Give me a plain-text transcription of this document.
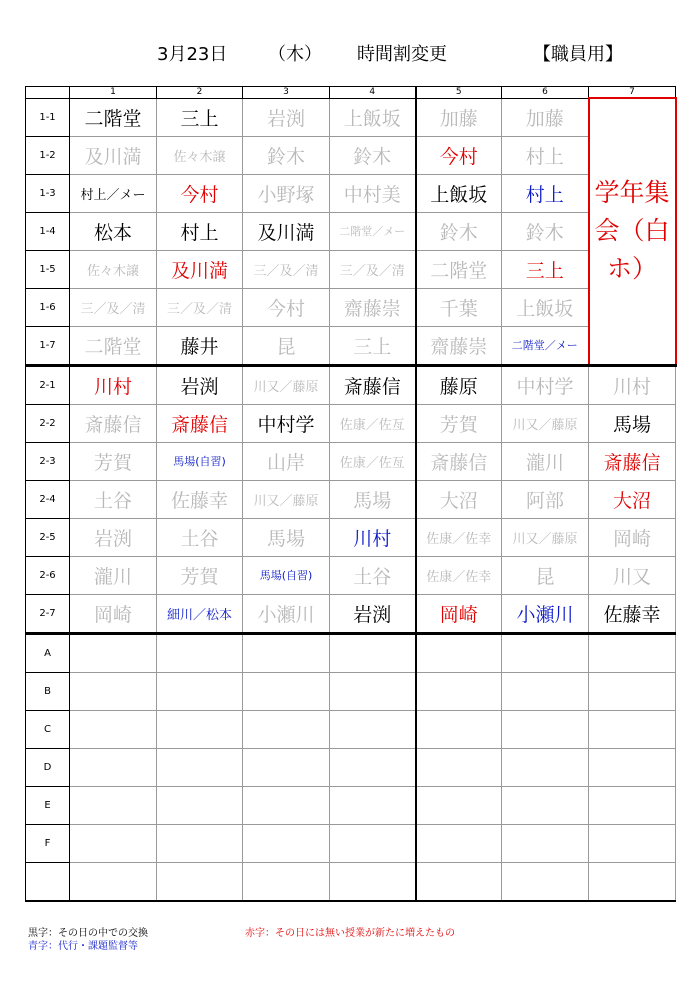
3月23日 （木） 時間割変更	【職員用】
	1	2	3	4	5	6	7
1-1	二階堂	三上	岩渕	上飯坂	加藤	加藤	学年集会（白ホ）
1-2	及川満	佐々木譲	鈴木	鈴木	今村	村上	
1-3	村上／メー	今村	小野塚	中村美	上飯坂	村上	
1-4	松本	村上	及川満	二階堂／メー	鈴木	鈴木	
1-5	佐々木譲	及川満	三／及／清	三／及／清	二階堂	三上	
1-6	三／及／清	三／及／清	今村	齋藤崇	千葉	上飯坂	
1-7	二階堂	藤井	昆	三上	齋藤崇	二階堂／メー	
2-1	川村	岩渕	川又／藤原	斎藤信	藤原	中村学	川村
2-2	斎藤信	斎藤信	中村学	佐康／佐亙	芳賀	川又／藤原	馬場
2-3	芳賀	馬場(自習)	山岸	佐康／佐亙	斎藤信	瀧川	斎藤信
2-4	土谷	佐藤幸	川又／藤原	馬場	大沼	阿部	大沼
2-5	岩渕	土谷	馬場	川村	佐康／佐幸	川又／藤原	岡崎
2-6	瀧川	芳賀	馬場(自習)	土谷	佐康／佐幸	昆	川又
2-7	岡崎	細川／松本	小瀬川	岩渕	岡崎	小瀬川	佐藤幸
A							
B							
C							
D							
E							
F							

黒字：その日の中での交換
青字：代行・課題監督等
赤字：その日には無い授業が新たに増えたもの
